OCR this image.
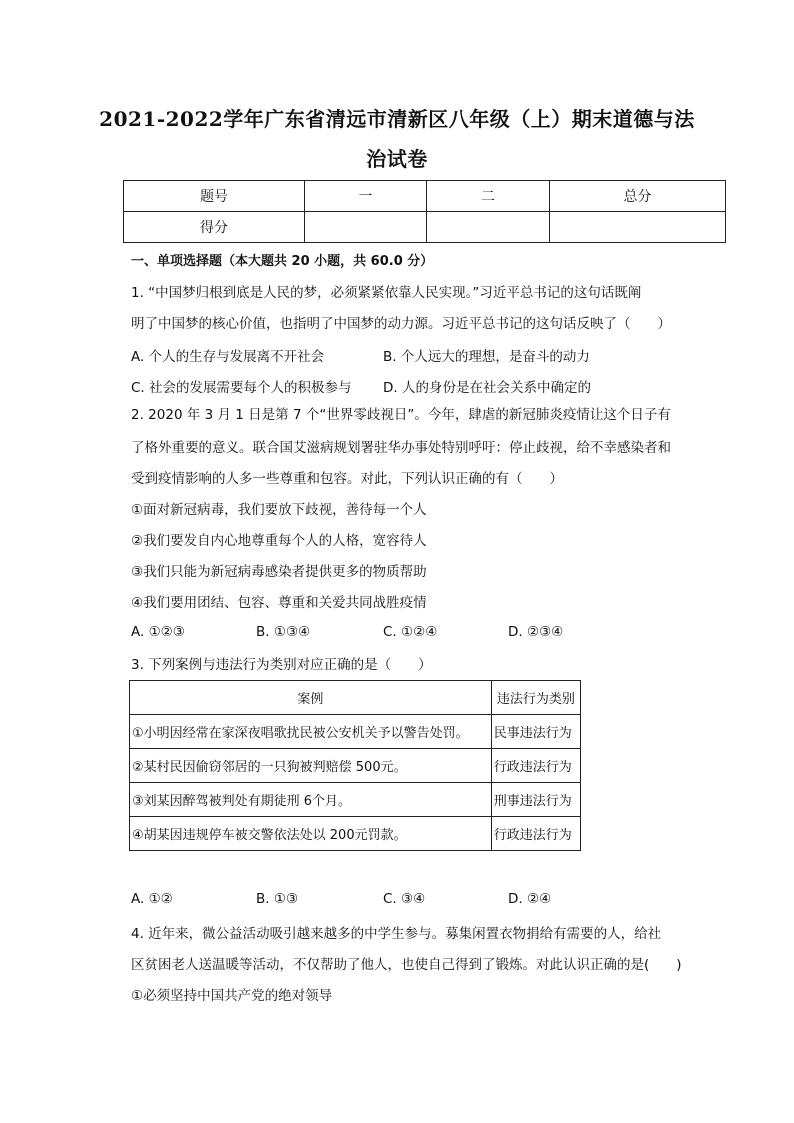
2021-2022学年广东省清远市清新区八年级（上）期末道德与法
治试卷
题号	一	二	总分
得分			
一、单项选择题（本大题共 20 小题，共 60.0 分）
1. “中国梦归根到底是人民的梦，必须紧紧依靠人民实现。”习近平总书记的这句话既阐
明了中国梦的核心价值，也指明了中国梦的动力源。习近平总书记的这句话反映了（　　）
A. 个人的生存与发展离不开社会	B. 个人远大的理想，是奋斗的动力
C. 社会的发展需要每个人的积极参与 D. 人的身份是在社会关系中确定的
2. 2020 年 3 月 1 日是第 7 个“世界零歧视日”。今年，肆虐的新冠肺炎疫情让这个日子有
了格外重要的意义。联合国艾滋病规划署驻华办事处特别呼吁：停止歧视，给不幸感染者和
受到疫情影响的人多一些尊重和包容。对此，下列认识正确的有（　　）
①面对新冠病毒，我们要放下歧视，善待每一个人
②我们要发自内心地尊重每个人的人格，宽容待人
③我们只能为新冠病毒感染者提供更多的物质帮助
④我们要用团结、包容、尊重和关爱共同战胜疫情
A. ①②③	B. ①③④	C. ①②④	D. ②③④
3. 下列案例与违法行为类别对应正确的是（　　）
案例	违法行为类别
①小明因经常在家深夜唱歌扰民被公安机关予以警告处罚。	民事违法行为
②某村民因偷窃邻居的一只狗被判赔偿 500元。	行政违法行为
③刘某因醉驾被判处有期徒刑 6个月。	刑事违法行为
④胡某因违规停车被交警依法处以 200元罚款。	行政违法行为
A. ①②	B. ①③	C. ③④	D. ②④
4. 近年来，微公益活动吸引越来越多的中学生参与。募集闲置衣物捐给有需要的人，给社
区贫困老人送温暖等活动，不仅帮助了他人，也使自己得到了锻炼。对此认识正确的是(　　)
①必须坚持中国共产党的绝对领导
